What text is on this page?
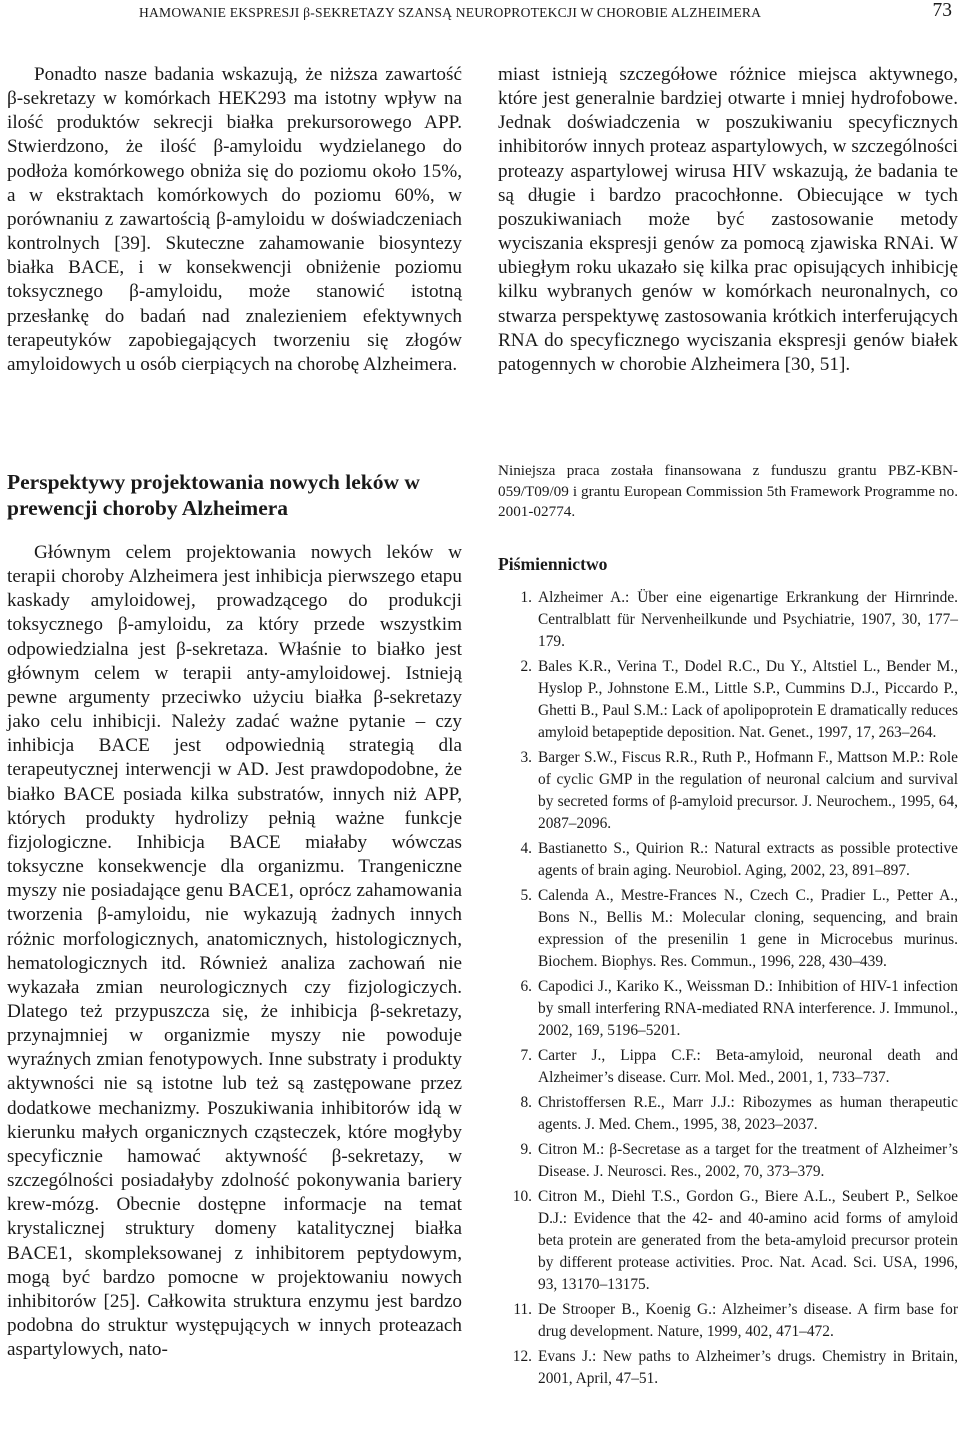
HAMOWANIE EKSPRESJI β-SEKRETAZY SZANSĄ NEUROPROTEKCJI W CHOROBIE ALZHEIMERA	73

Ponadto nasze badania wskazują, że niższa zawartość β-sekretazy w komórkach HEK293 ma istotny wpływ na ilość produktów sekrecji białka prekursorowego APP. Stwierdzono, że ilość β-amyloidu wydzielanego do podłoża komórkowego obniża się do poziomu około 15%, a w ekstraktach komórkowych do poziomu 60%, w porównaniu z zawartością β-amyloidu w doświadczeniach kontrolnych [39]. Skuteczne zahamowanie biosyntezy białka BACE, i w konsekwencji obniżenie poziomu toksycznego β-amyloidu, może stanowić istotną przesłankę do badań nad znalezieniem efektywnych terapeutyków zapobiegających tworzeniu się złogów amyloidowych u osób cierpiących na chorobę Alzheimera.

Perspektywy projektowania nowych leków w prewencji choroby Alzheimera

Głównym celem projektowania nowych leków w terapii choroby Alzheimera jest inhibicja pierwszego etapu kaskady amyloidowej, prowadzącego do produkcji toksycznego β-amyloidu, za który przede wszystkim odpowiedzialna jest β-sekretaza. Właśnie to białko jest głównym celem w terapii anty-amyloidowej. Istnieją pewne argumenty przeciwko użyciu białka β-sekretazy jako celu inhibicji. Należy zadać ważne pytanie – czy inhibicja BACE jest odpowiednią strategią dla terapeutycznej interwencji w AD. Jest prawdopodobne, że białko BACE posiada kilka substratów, innych niż APP, których produkty hydrolizy pełnią ważne funkcje fizjologiczne. Inhibicja BACE miałaby wówczas toksyczne konsekwencje dla organizmu. Trangeniczne myszy nie posiadające genu BACE1, oprócz zahamowania tworzenia β-amyloidu, nie wykazują żadnych innych różnic morfologicznych, anatomicznych, histologicznych, hematologicznych itd. Również analiza zachowań nie wykazała zmian neurologicznych czy fizjologiczych. Dlatego też przypuszcza się, że inhibicja β-sekretazy, przynajmniej w organizmie myszy nie powoduje wyraźnych zmian fenotypowych. Inne substraty i produkty aktywności nie są istotne lub też są zastępowane przez dodatkowe mechanizmy. Poszukiwania inhibitorów idą w kierunku małych organicznych cząsteczek, które mogłyby specyficznie hamować aktywność β-sekretazy, w szczególności posiadałyby zdolność pokonywania bariery krew-mózg. Obecnie dostępne informacje na temat krystalicznej struktury domeny katalitycznej białka BACE1, skompleksowanej z inhibitorem peptydowym, mogą być bardzo pomocne w projektowaniu nowych inhibitorów [25]. Całkowita struktura enzymu jest bardzo podobna do struktur występujących w innych proteazach aspartylowych, nato-

miast istnieją szczegółowe różnice miejsca aktywnego, które jest generalnie bardziej otwarte i mniej hydrofobowe. Jednak doświadczenia w poszukiwaniu specyficznych inhibitorów innych proteaz aspartylowych, w szczególności proteazy aspartylowej wirusa HIV wskazują, że badania te są długie i bardzo pracochłonne. Obiecujące w tych poszukiwaniach może być zastosowanie metody wyciszania ekspresji genów za pomocą zjawiska RNAi. W ubiegłym roku ukazało się kilka prac opisujących inhibicję kilku wybranych genów w komórkach neuronalnych, co stwarza perspektywę zastosowania krótkich interferujących RNA do specyficznego wyciszania ekspresji genów białek patogennych w chorobie Alzheimera [30, 51].

Niniejsza praca została finansowana z funduszu grantu PBZ-KBN-059/T09/09 i grantu European Commission 5th Framework Programme no. 2001-02774.

Piśmiennictwo
1. Alzheimer A.: Über eine eigenartige Erkrankung der Hirnrinde. Centralblatt für Nervenheilkunde und Psychiatrie, 1907, 30, 177–179.
2. Bales K.R., Verina T., Dodel R.C., Du Y., Altstiel L., Bender M., Hyslop P., Johnstone E.M., Little S.P., Cummins D.J., Piccardo P., Ghetti B., Paul S.M.: Lack of apolipoprotein E dramatically reduces amyloid betapeptide deposition. Nat. Genet., 1997, 17, 263–264.
3. Barger S.W., Fiscus R.R., Ruth P., Hofmann F., Mattson M.P.: Role of cyclic GMP in the regulation of neuronal calcium and survival by secreted forms of β-amyloid precursor. J. Neurochem., 1995, 64, 2087–2096.
4. Bastianetto S., Quirion R.: Natural extracts as possible protective agents of brain aging. Neurobiol. Aging, 2002, 23, 891–897.
5. Calenda A., Mestre-Frances N., Czech C., Pradier L., Petter A., Bons N., Bellis M.: Molecular cloning, sequencing, and brain expression of the presenilin 1 gene in Microcebus murinus. Biochem. Biophys. Res. Commun., 1996, 228, 430–439.
6. Capodici J., Kariko K., Weissman D.: Inhibition of HIV-1 infection by small interfering RNA-mediated RNA interference. J. Immunol., 2002, 169, 5196–5201.
7. Carter J., Lippa C.F.: Beta-amyloid, neuronal death and Alzheimer’s disease. Curr. Mol. Med., 2001, 1, 733–737.
8. Christoffersen R.E., Marr J.J.: Ribozymes as human therapeutic agents. J. Med. Chem., 1995, 38, 2023–2037.
9. Citron M.: β-Secretase as a target for the treatment of Alzheimer’s Disease. J. Neurosci. Res., 2002, 70, 373–379.
10. Citron M., Diehl T.S., Gordon G., Biere A.L., Seubert P., Selkoe D.J.: Evidence that the 42- and 40-amino acid forms of amyloid beta protein are generated from the beta-amyloid precursor protein by different protease activities. Proc. Nat. Acad. Sci. USA, 1996, 93, 13170–13175.
11. De Strooper B., Koenig G.: Alzheimer’s disease. A firm base for drug development. Nature, 1999, 402, 471–472.
12. Evans J.: New paths to Alzheimer’s drugs. Chemistry in Britain, 2001, April, 47–51.
